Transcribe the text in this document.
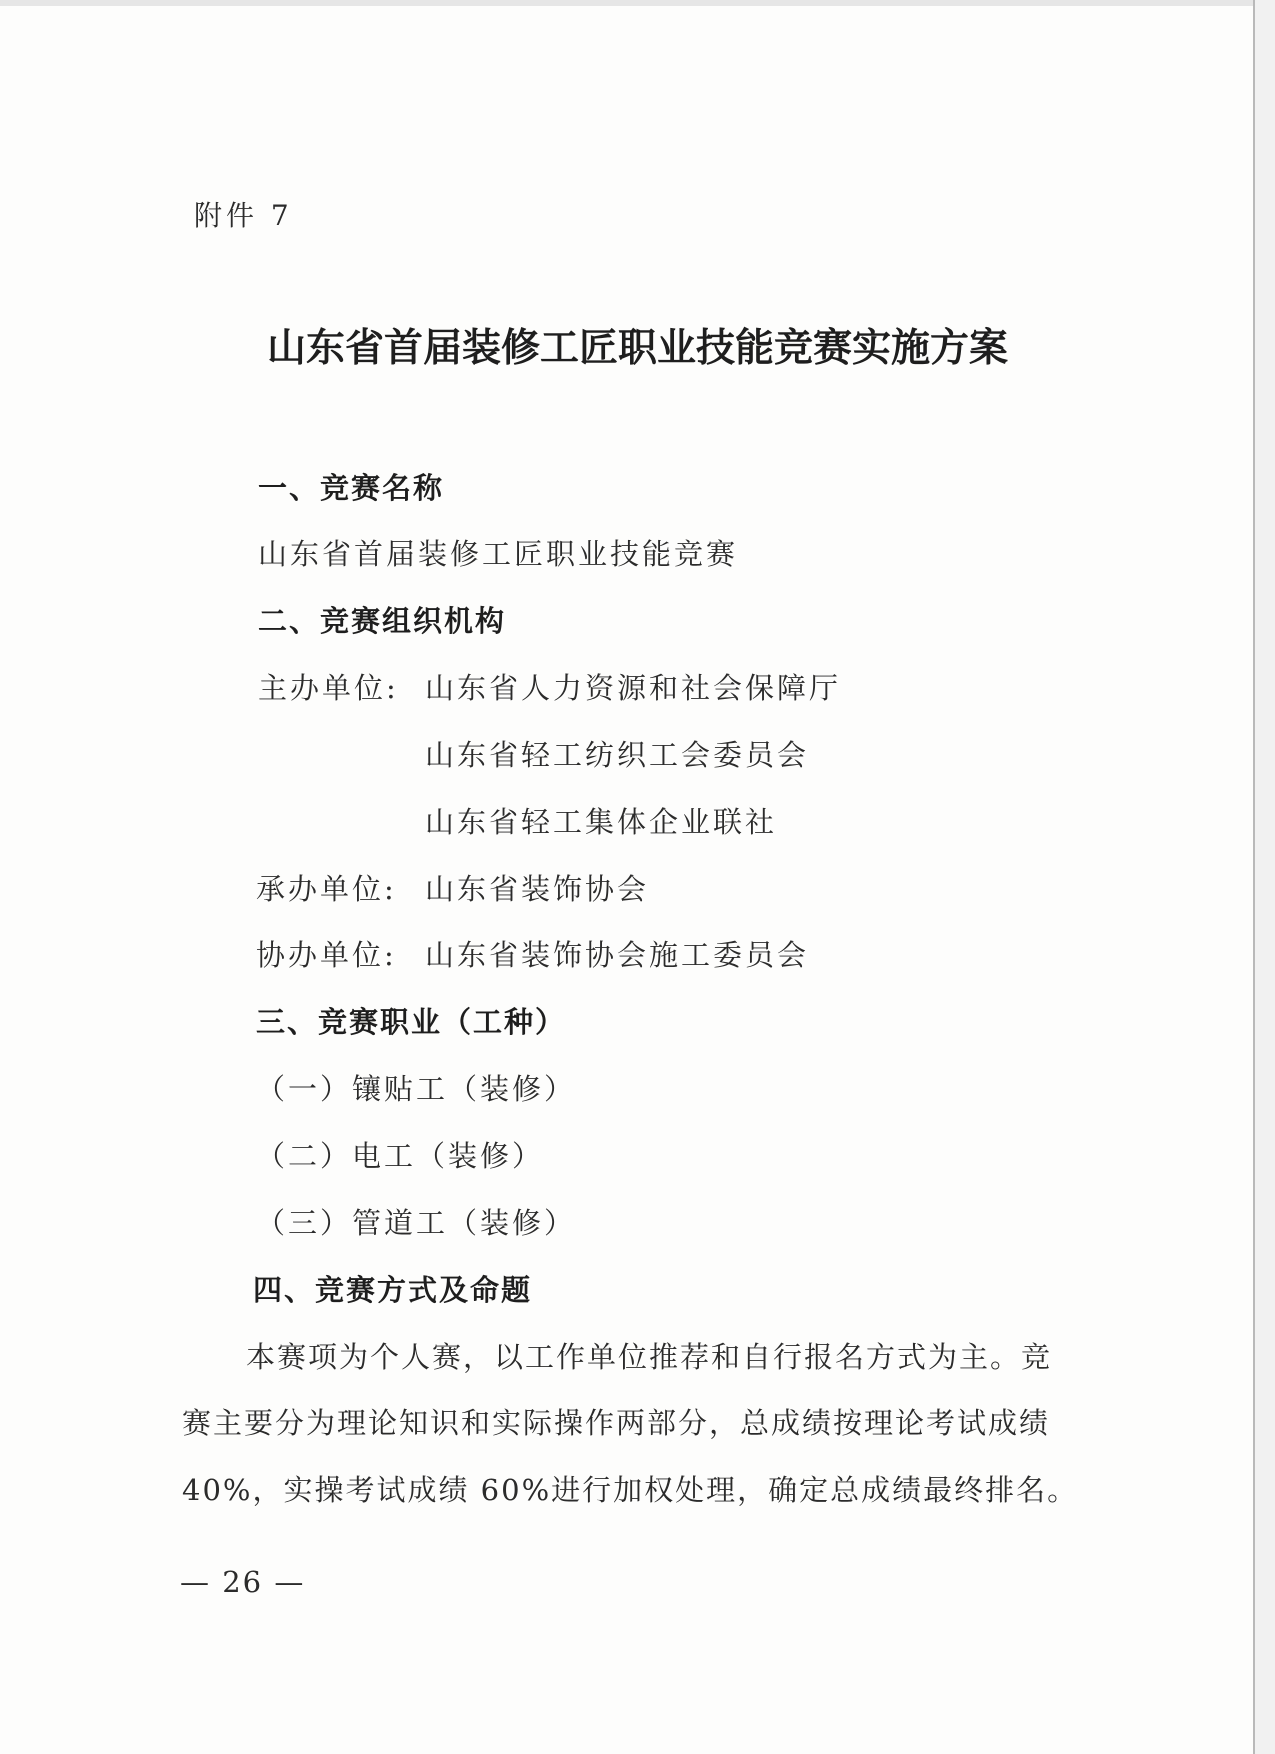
附件 7
山东省首届装修工匠职业技能竞赛实施方案
一、竞赛名称
山东省首届装修工匠职业技能竞赛
二、竞赛组织机构
主办单位: 山东省人力资源和社会保障厅
山东省轻工纺织工会委员会
山东省轻工集体企业联社
承办单位: 山东省装饰协会
协办单位: 山东省装饰协会施工委员会
三、竞赛职业（工种）
（一）镶贴工（装修）
（二）电工（装修）
（三）管道工（装修）
四、竞赛方式及命题
本赛项为个人赛，以工作单位推荐和自行报名方式为主。竞
赛主要分为理论知识和实际操作两部分，总成绩按理论考试成绩
40%，实操考试成绩 60%进行加权处理，确定总成绩最终排名。
— 26 —
